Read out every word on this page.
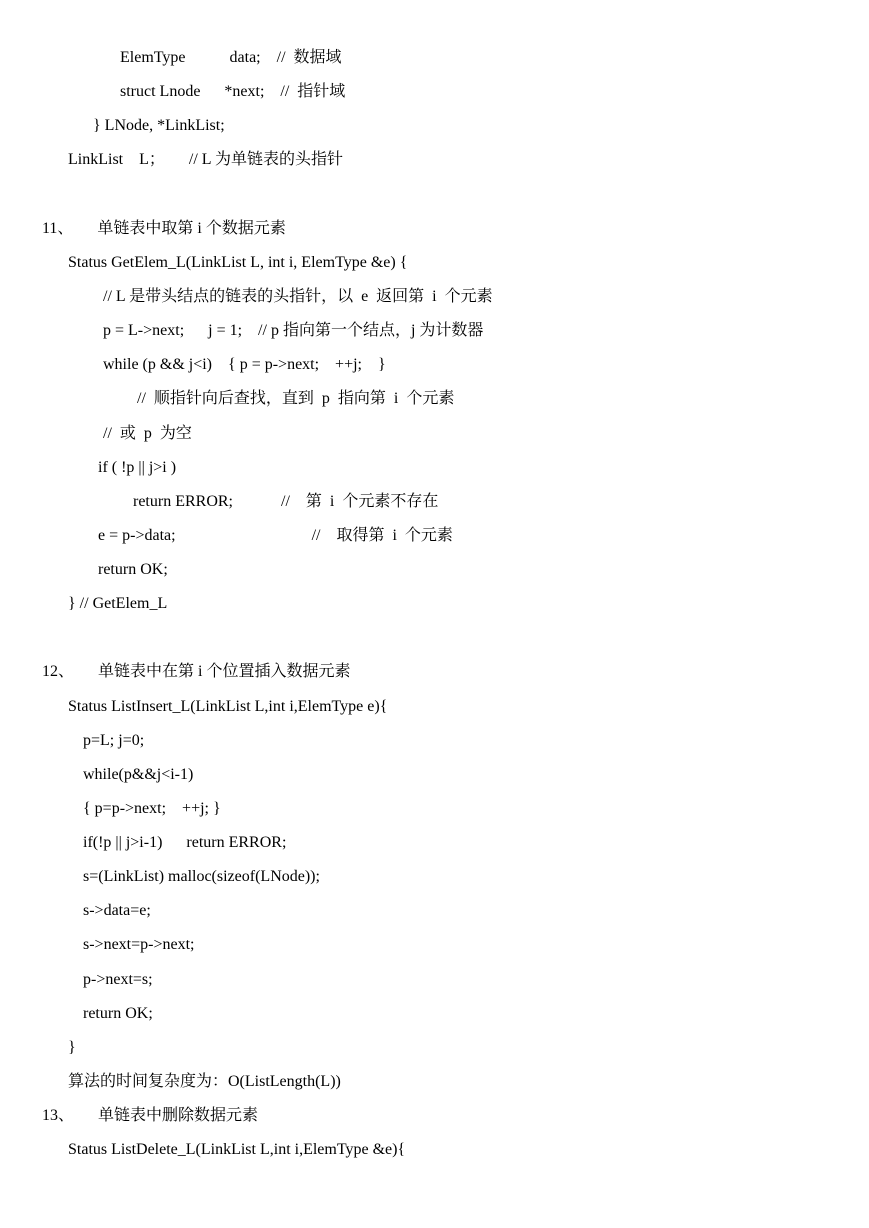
ElemType           data;    //  数据域
struct Lnode      *next;    //  指针域
} LNode, *LinkList;
LinkList    L；      // L 为单链表的头指针
11、      单链表中取第 i 个数据元素
Status GetElem_L(LinkList L, int i, ElemType &e) {
// L 是带头结点的链表的头指针，以  e  返回第  i  个元素
p = L->next;      j = 1;    // p 指向第一个结点，j 为计数器
while (p && j<i)    { p = p->next;    ++j;    }
//  顺指针向后查找，直到  p  指向第  i  个元素
//  或  p  为空
if ( !p || j>i )
return ERROR;            //    第  i  个元素不存在
e = p->data;                                  //    取得第  i  个元素
return OK;
} // GetElem_L
12、      单链表中在第 i 个位置插入数据元素
Status ListInsert_L(LinkList L,int i,ElemType e){
p=L; j=0;
while(p&&j<i-1)
{ p=p->next;    ++j; }
if(!p || j>i-1)      return ERROR;
s=(LinkList) malloc(sizeof(LNode));
s->data=e;
s->next=p->next;
p->next=s;
return OK;
}
算法的时间复杂度为：O(ListLength(L))
13、      单链表中删除数据元素
Status ListDelete_L(LinkList L,int i,ElemType &e){
